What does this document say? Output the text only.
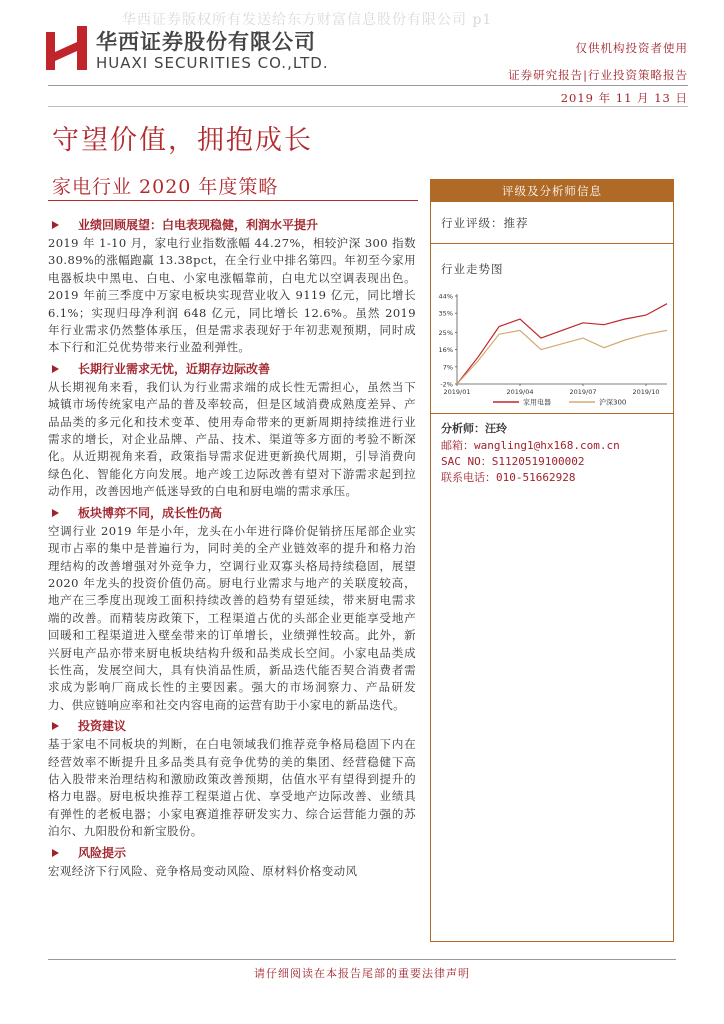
华西证券版权所有发送给东方财富信息股份有限公司 p1
华西证券股份有限公司
HUAXI SECURITIES CO.,LTD.
仅供机构投资者使用
证券研究报告|行业投资策略报告
2019 年 11 月 13 日
守望价值，拥抱成长
家电行业 2020 年度策略
业绩回顾展望：白电表现稳健，利润水平提升
2019 年 1-10 月，家电行业指数涨幅 44.27%，相较沪深 300 指数 30.89%的涨幅跑赢 13.38pct，在全行业中排名第四。年初至今家用电器板块中黑电、白电、小家电涨幅靠前，白电尤以空调表现出色。2019 年前三季度中万家电板块实现营业收入 9119 亿元，同比增长 6.1%；实现归母净利润 648 亿元，同比增长 12.6%。虽然 2019 年行业需求仍然整体承压，但是需求表现好于年初悲观预期，同时成本下行和汇兑优势带来行业盈利弹性。
长期行业需求无忧，近期存边际改善
从长期视角来看，我们认为行业需求端的成长性无需担心，虽然当下城镇市场传统家电产品的普及率较高，但是区域消费成熟度差异、产品品类的多元化和技术变革、使用寿命带来的更新周期持续推进行业需求的增长，对企业品牌、产品、技术、渠道等多方面的考验不断深化。从近期视角来看，政策指导需求促进更新换代周期，引导消费向绿色化、智能化方向发展。地产竣工边际改善有望对下游需求起到拉动作用，改善因地产低迷导致的白电和厨电端的需求承压。
板块博弈不同，成长性仍高
空调行业 2019 年是小年，龙头在小年进行降价促销挤压尾部企业实现市占率的集中是普遍行为，同时美的全产业链效率的提升和格力治理结构的改善增强对外竞争力，空调行业双寡头格局持续稳固，展望 2020 年龙头的投资价值仍高。厨电行业需求与地产的关联度较高，地产在三季度出现竣工面积持续改善的趋势有望延续，带来厨电需求端的改善。而精装房政策下，工程渠道占优的头部企业更能享受地产回暖和工程渠道进入壁垒带来的订单增长，业绩弹性较高。此外，新兴厨电产品亦带来厨电板块结构升级和品类成长空间。小家电品类成长性高，发展空间大，具有快消品性质，新品迭代能否契合消费者需求成为影响厂商成长性的主要因素。强大的市场洞察力、产品研发力、供应链响应率和社交内容电商的运营有助于小家电的新品迭代。
投资建议
基于家电不同板块的判断，在白电领域我们推荐竞争格局稳固下内在经营效率不断提升且多品类具有竞争优势的美的集团、经营稳健下高估入股带来治理结构和激励政策改善预期，估值水平有望得到提升的格力电器。厨电板块推荐工程渠道占优、享受地产边际改善、业绩具有弹性的老板电器；小家电赛道推荐研发实力、综合运营能力强的苏泊尔、九阳股份和新宝股份。
风险提示
宏观经济下行风险、竞争格局变动风险、原材料价格变动风
评级及分析师信息
行业评级：推荐
行业走势图
-2%
7%
16%
25%
35%
44%
2019/01	2019/04	2019/07	2019/10
家用电器	沪深300
分析师：汪玲
邮箱：wangling1@hx168.com.cn
SAC NO：S1120519100002
联系电话：010-51662928
请仔细阅读在本报告尾部的重要法律声明
